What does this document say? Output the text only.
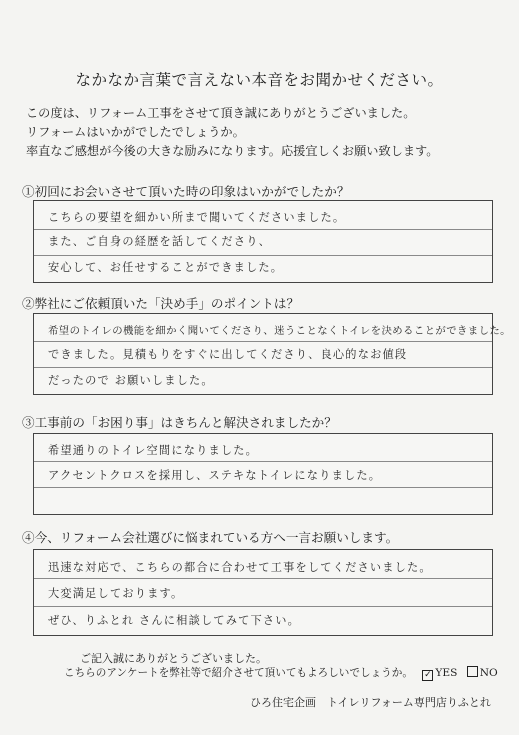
なかなか言葉で言えない本音をお聞かせください。
この度は、リフォーム工事をさせて頂き誠にありがとうございました。
リフォームはいかがでしたでしょうか。
率直なご感想が今後の大きな励みになります。応援宜しくお願い致します。
①初回にお会いさせて頂いた時の印象はいかがでしたか？
こちらの要望を細かい所まで聞いてくださいました。
また、ご自身の経歴を話してくださり、
安心して、お任せすることができました。
②弊社にご依頼頂いた「決め手」のポイントは？
希望のトイレの機能を細かく聞いてくださり、迷うことなくトイレを決めることができました。
できました。見積もりをすぐに出してくださり、良心的なお値段
だったので お願いしました。
③工事前の「お困り事」はきちんと解決されましたか？
希望通りのトイレ空間になりました。
アクセントクロスを採用し、ステキなトイレになりました。
④今、リフォーム会社選びに悩まれている方へ一言お願いします。
迅速な対応で、こちらの都合に合わせて工事をしてくださいました。
大変満足しております。
ぜひ、りふとれ さんに相談してみて下さい。
ご記入誠にありがとうございました。
こちらのアンケートを弊社等で紹介させて頂いてもよろしいでしょうか。 ✓ YES NO
ひろ住宅企画　トイレリフォーム専門店りふとれ
